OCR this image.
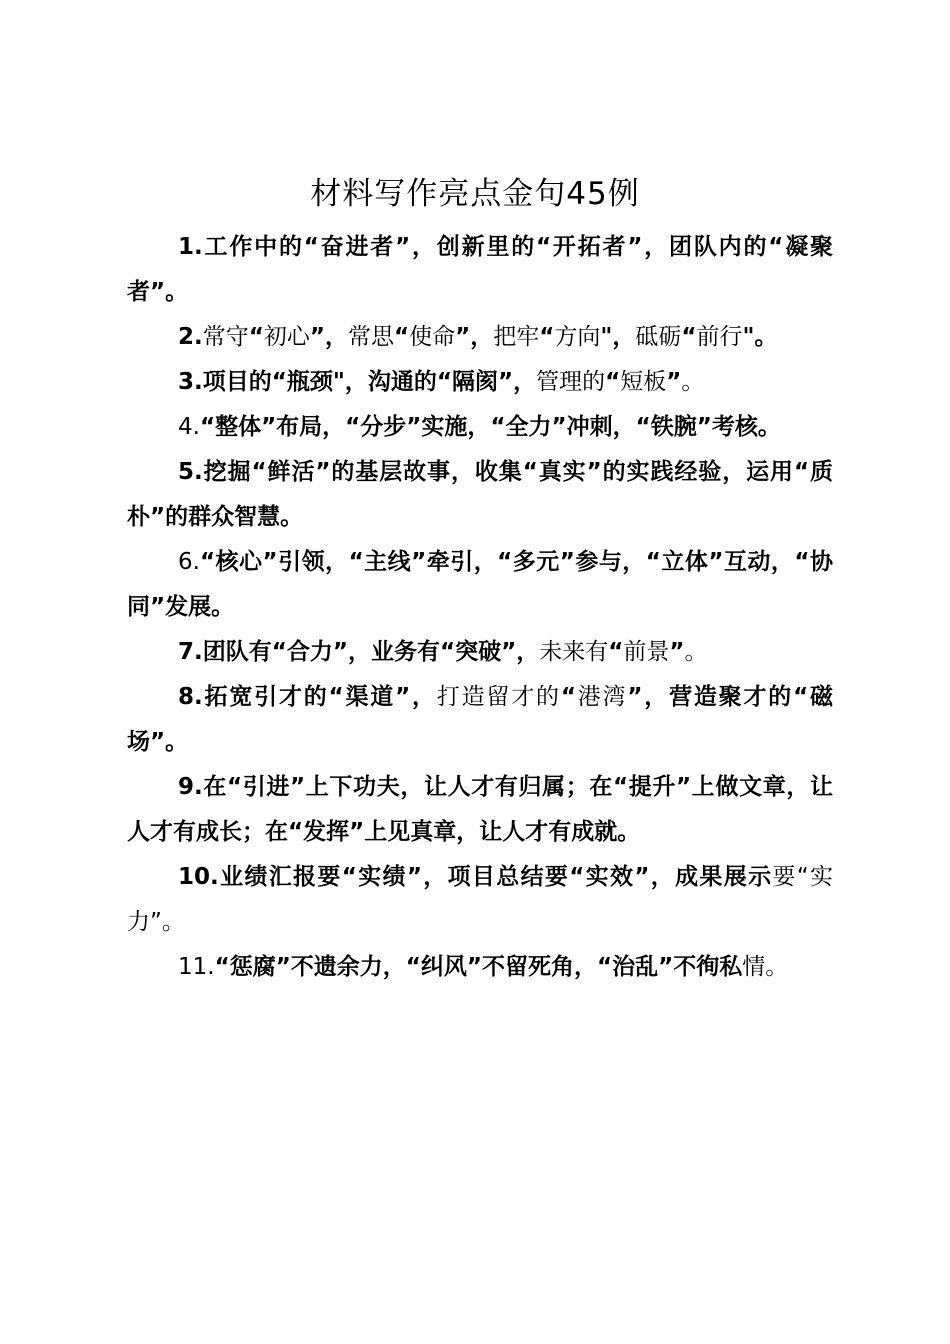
材料写作亮点金句45例

1.工作中的“奋进者”，创新里的“开拓者”，团队内的“凝聚者”。

2.常守“初心”，常思“使命”，把牢“方向"，砥砺“前行"。

3.项目的“瓶颈"，沟通的“隔阂”，管理的“短板”。

4.“整体”布局，“分步”实施，“全力”冲刺，“铁腕”考核。

5.挖掘“鲜活”的基层故事，收集“真实”的实践经验，运用“质朴”的群众智慧。

6.“核心”引领，“主线”牵引，“多元”参与，“立体”互动，“协同”发展。

7.团队有“合力”，业务有“突破”，未来有“前景”。

8.拓宽引才的“渠道”，打造留才的“港湾”，营造聚才的“磁场”。

9.在“引进”上下功夫，让人才有归属；在“提升”上做文章，让人才有成长；在“发挥”上见真章，让人才有成就。

10.业绩汇报要“实绩”，项目总结要“实效”，成果展示要“实力”。

11.“惩腐”不遗余力，“纠风”不留死角，“治乱”不徇私情。
